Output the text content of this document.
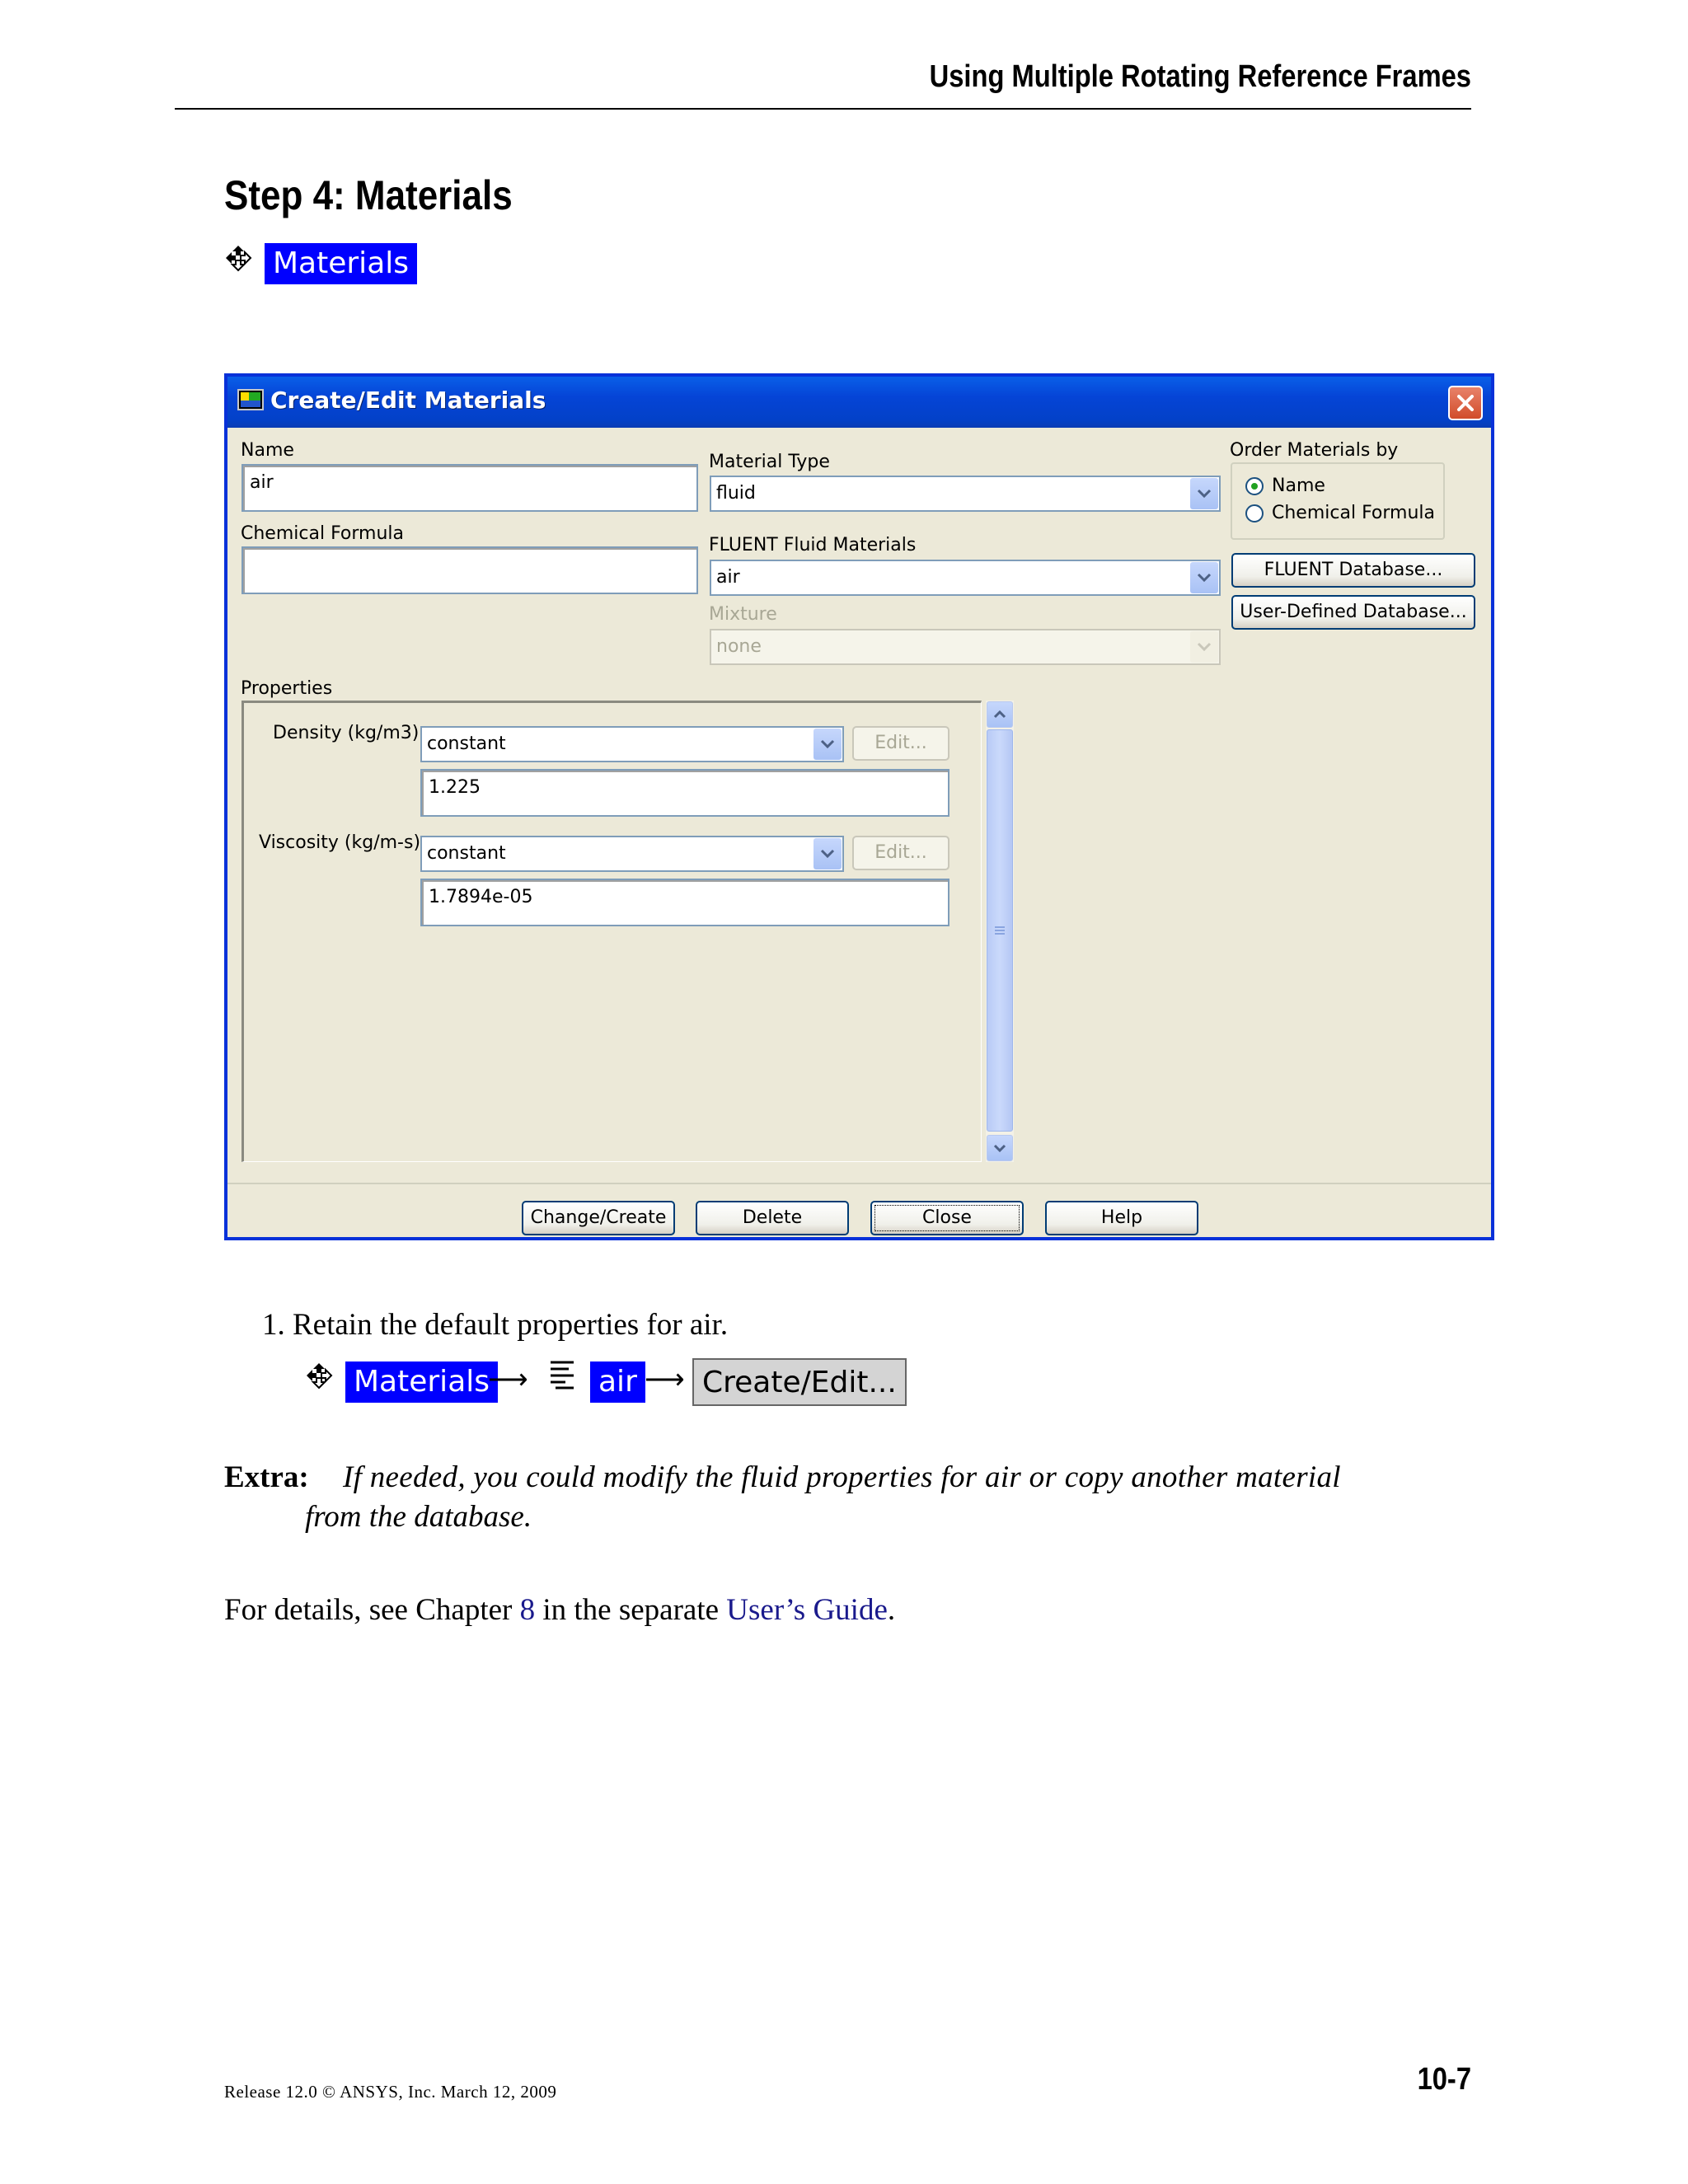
Using Multiple Rotating Reference Frames
Step 4: Materials
Materials
Create/Edit Materials
Name
air
Chemical Formula
Material Type
fluid
FLUENT Fluid Materials
air
Mixture
none
Order Materials by
Name
Chemical Formula
FLUENT Database...
User-Defined Database...
Properties
Density (kg/m3)
constant	Edit...
1.225
Viscosity (kg/m-s)
constant	Edit...
1.7894e-05
Change/Create	Delete	Close	Help
1. Retain the default properties for air.
Materials
⟶ air ⟶ Create/Edit...
Extra: If needed, you could modify the fluid properties for air or copy another material
from the database.
For details, see Chapter 8 in the separate User’s Guide.
Release 12.0 © ANSYS, Inc. March 12, 2009	10-7
